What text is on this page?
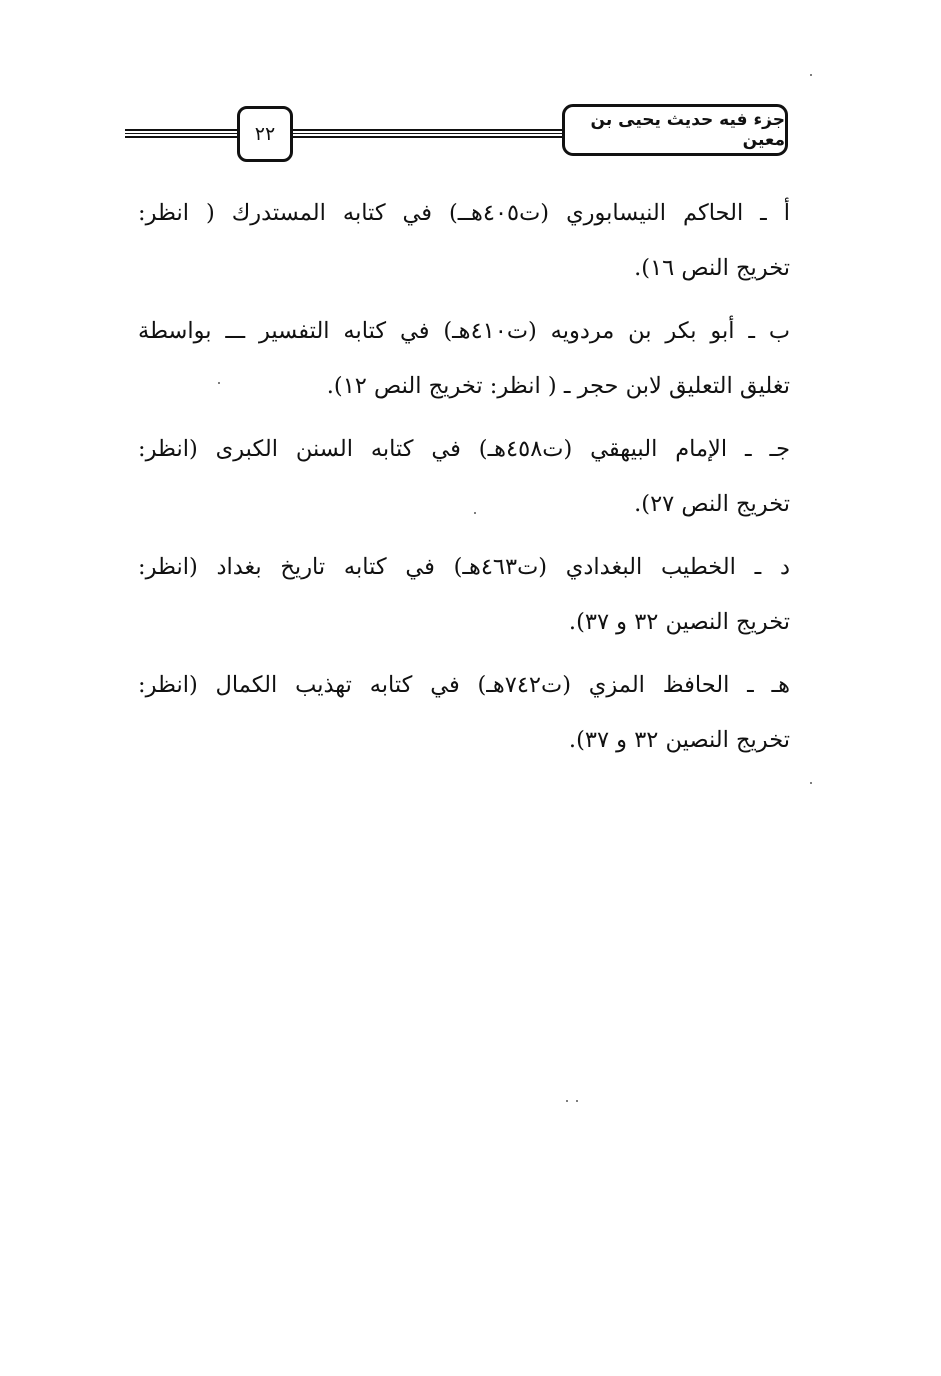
٢٢
جزء فيه حديث يحيى بن معين

أ ـ الحاكم النيسابوري (ت٤٠٥هــ) في كتابه المستدرك ( انظر:
تخريج النص ١٦).

ب ـ أبو بكر بن مردويه (ت٤١٠هـ) في كتابه التفسير ـــ بواسطة
تغليق التعليق لابن حجر ـ ( انظر: تخريج النص ١٢).

جـ ـ الإمام البيهقي (ت٤٥٨هـ) في كتابه السنن الكبرى (انظر:
تخريج النص ٢٧).

د ـ الخطيب البغدادي (ت٤٦٣هـ) في كتابه تاريخ بغداد (انظر:
تخريج النصين ٣٢ و ٣٧).

هـ ـ الحافظ المزي (ت٧٤٢هـ) في كتابه تهذيب الكمال (انظر:
تخريج النصين ٣٢ و ٣٧).
